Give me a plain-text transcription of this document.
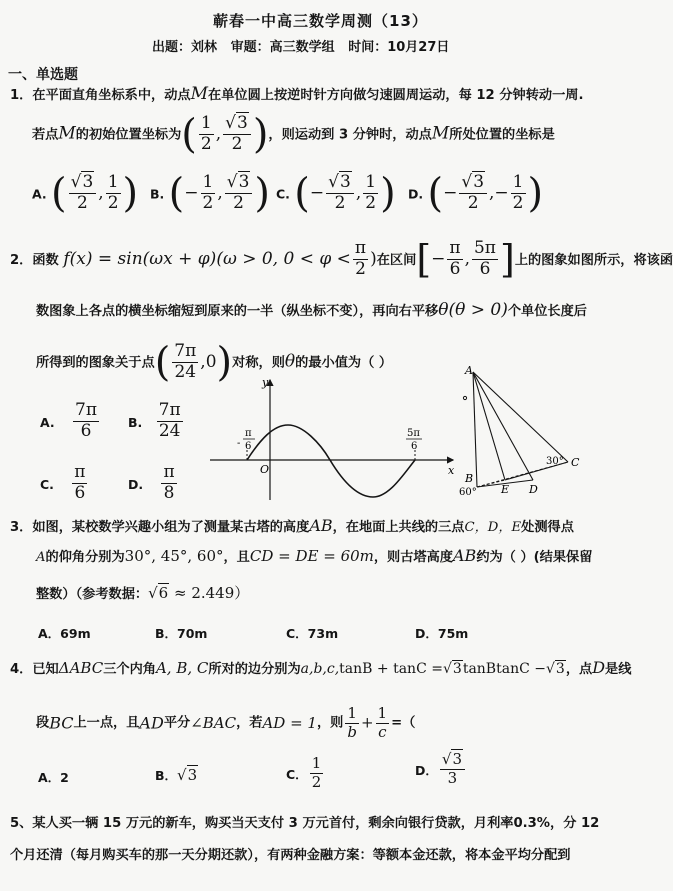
蕲春一中高三数学周测（13）
出题：刘林 审题：高三数学组 时间：10月27日
一、单选题
1．在平面直角坐标系中，动点M在单位圆上按逆时针方向做匀速圆周运动，每 12 分钟转动一周.
若点M的初始位置坐标为( $\frac{1}{2}$ , $\frac{√3}{2}$ )，则运动到 3 分钟时，动点M所处位置的坐标是
A. ( $\frac{√3}{2}$ , $\frac{1}{2}$ ) B. (− $\frac{1}{2}$ , $\frac{√3}{2}$ ) C. (− $\frac{√3}{2}$ , $\frac{1}{2}$ ) D. (− $\frac{√3}{2}$ ,− $\frac{1}{2}$ )
2．函数 f(x) = sin(ωx + φ)(ω > 0, $0 < \varphi < \frac{\pi}{2}$ )在区间[− $\frac{\pi}{6}$ , $\frac{5\pi}{6}$ ]上的图象如图所示，将该函
数图象上各点的横坐标缩短到原来的一半（纵坐标不变），再向右平移θ(θ > 0)个单位长度后
所得到的图象关于点( $\frac{7\pi}{24} ,0$)对称，则θ的最小值为（ ）
A. $\frac{7\pi}{6} B$. $\frac{7\pi}{24}$
C. $\frac{\pi}{6}$	D. $\frac{\pi}{8}$
y
x
O
π
- 6
5π
6
A
B
C
D
E
30°
60°
3．如图，某校数学兴趣小组为了测量某古塔的高度AB，在地面上共线的三点C，D，E处测得点
A的仰角分别为30°, 45°, 60°，且CD = DE = 60m，则古塔高度AB约为（ ）(结果保留
整数）（参考数据：√6 ≈ 2.449）
A．69m	B．70m	C．73m	D．75m
4．已知ΔABC三个内角A, B, C所对的边分别为a,b,c,tanB + tanC =√3tanBtanC −√3，点D是线
段BC上一点，且AD平分∠BAC，若AD = 1，则 $\frac{1}{b} + \frac{1}{c}$ =（
A．2	B．√3	C． $\frac{1}{2}$	D． $\frac{√3}{3}$
5、某人买一辆 15 万元的新车，购买当天支付 3 万元首付，剩余向银行贷款，月利率0.3%，分 12
个月还清（每月购买车的那一天分期还款），有两种金融方案：等额本金还款，将本金平均分配到
